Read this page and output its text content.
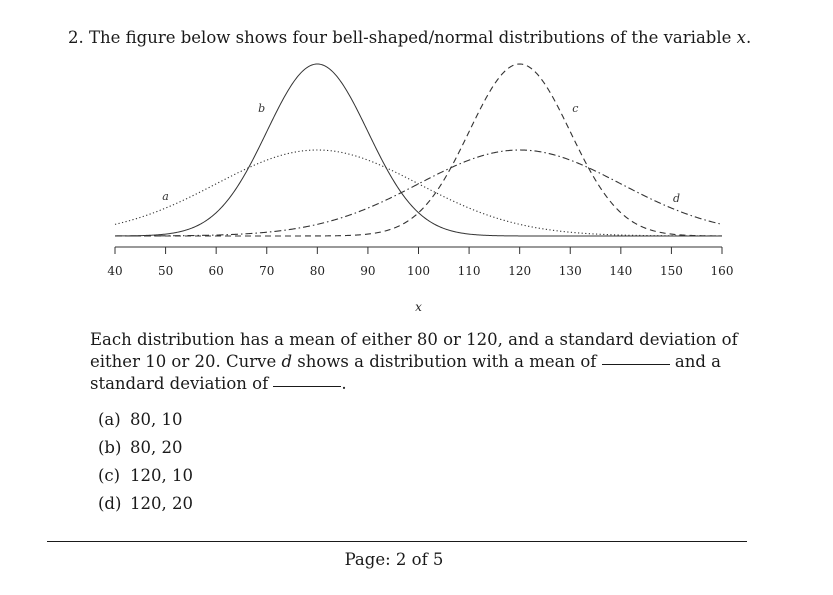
2. The figure below shows four bell-shaped/normal distributions of the variable x.
40	50	60	70	80	90	100 110 120 130 140 150 160
x
a
b	c
d
Each distribution has a mean of either 80 or 120, and a standard deviation of either 10 or 20. Curve d shows a distribution with a mean of	and a standard deviation of	.
(a) 80, 10
(b) 80, 20
(c) 120, 10
(d) 120, 20
Page: 2 of 5
